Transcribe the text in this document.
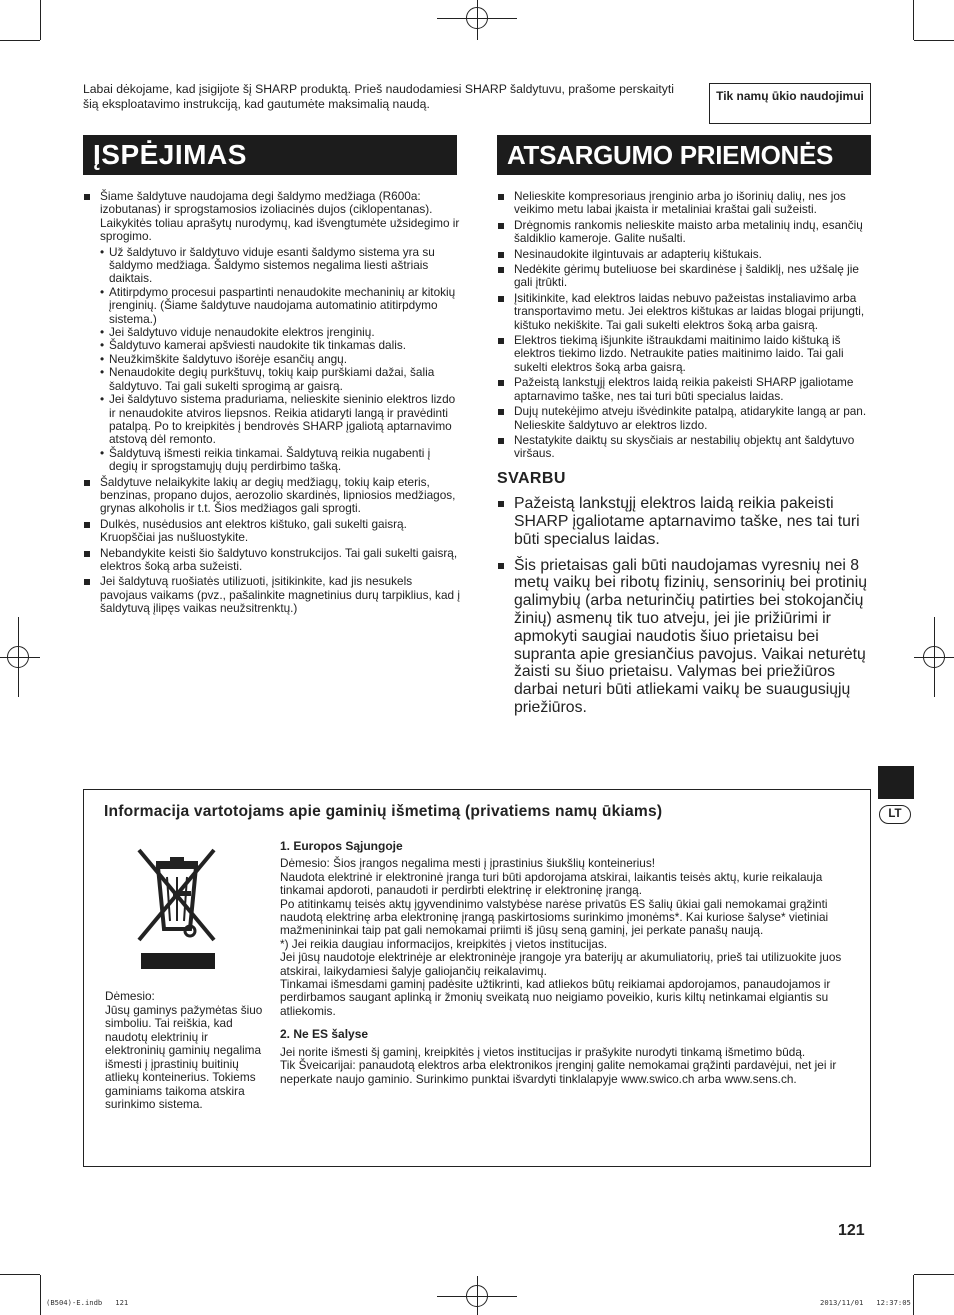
Labai dėkojame, kad įsigijote šį SHARP produktą. Prieš naudodamiesi SHARP šaldytuvu, prašome perskaityti šią eksploatavimo instrukciją, kad gautumėte maksimalią naudą.
Tik namų ūkio naudojimui
ĮSPĖJIMAS	ATSARGUMO PRIEMONĖS
Šiame šaldytuve naudojama degi šaldymo medžiaga (R600a: izobutanas) ir sprogstamosios izoliacinės dujos (ciklopentanas). Laikykitės toliau aprašytų nurodymų, kad išvengtumėte užsidegimo ir sprogimo.
• Už šaldytuvo ir šaldytuvo viduje esanti šaldymo sistema yra su šaldymo medžiaga. Šaldymo sistemos negalima liesti aštriais daiktais.
• Atitirpdymo procesui paspartinti nenaudokite mechaninių ar kitokių įrenginių. (Šiame šaldytuve naudojama automatinio atitirpdymo sistema.)
• Jei šaldytuvo viduje nenaudokite elektros įrenginių.
• Šaldytuvo kamerai apšviesti naudokite tik tinkamas dalis.
• Neužkimškite šaldytuvo išorėje esančių angų.
• Nenaudokite degių purkštuvų, tokių kaip purškiami dažai, šalia šaldytuvo. Tai gali sukelti sprogimą ar gaisrą.
• Jei šaldytuvo sistema praduriama, nelieskite sieninio elektros lizdo ir nenaudokite atviros liepsnos. Reikia atidaryti langą ir pravėdinti patalpą. Po to kreipkitės į bendrovės SHARP įgaliotą aptarnavimo atstovą dėl remonto.
• Šaldytuvą išmesti reikia tinkamai. Šaldytuvą reikia nugabenti į degių ir sprogstamųjų dujų perdirbimo tašką.
Šaldytuve nelaikykite lakių ar degių medžiagų, tokių kaip eteris, benzinas, propano dujos, aerozolio skardinės, lipniosios medžiagos, grynas alkoholis ir t.t. Šios medžiagos gali sprogti.
Dulkės, nusėdusios ant elektros kištuko, gali sukelti gaisrą. Kruopščiai jas nušluostykite.
Nebandykite keisti šio šaldytuvo konstrukcijos. Tai gali sukelti gaisrą, elektros šoką arba sužeisti.
Jei šaldytuvą ruošiatės utilizuoti, įsitikinkite, kad jis nesukels pavojaus vaikams (pvz., pašalinkite magnetinius durų tarpiklius, kad į šaldytuvą įlipęs vaikas neužsitrenktų.)
Nelieskite kompresoriaus įrenginio arba jo išorinių dalių, nes jos veikimo metu labai įkaista ir metaliniai kraštai gali sužeisti.
Drėgnomis rankomis nelieskite maisto arba metalinių indų, esančių šaldiklio kameroje. Galite nušalti.
Nesinaudokite ilgintuvais ar adapterių kištukais.
Nedėkite gėrimų buteliuose bei skardinėse į šaldiklį, nes užšalę jie gali įtrūkti.
Įsitikinkite, kad elektros laidas nebuvo pažeistas instaliavimo arba transportavimo metu. Jei elektros kištukas ar laidas blogai prijungti, kištuko nekiškite. Tai gali sukelti elektros šoką arba gaisrą.
Elektros tiekimą išjunkite ištraukdami maitinimo laido kištuką iš elektros tiekimo lizdo. Netraukite paties maitinimo laido. Tai gali sukelti elektros šoką arba gaisrą.
Pažeistą lankstųjį elektros laidą reikia pakeisti SHARP įgaliotame aptarnavimo taške, nes tai turi būti specialus laidas.
Dujų nutekėjimo atveju išvėdinkite patalpą, atidarykite langą ar pan. Nelieskite šaldytuvo ar elektros lizdo.
Nestatykite daiktų su skysčiais ar nestabilių objektų ant šaldytuvo viršaus.
SVARBU
Pažeistą lankstųjį elektros laidą reikia pakeisti SHARP įgaliotame aptarnavimo taške, nes tai turi būti specialus laidas.
Šis prietaisas gali būti naudojamas vyresnių nei 8 metų vaikų bei ribotų fizinių, sensorinių bei protinių galimybių (arba neturinčių patirties bei stokojančių žinių) asmenų tik tuo atveju, jei jie prižiūrimi ir apmokyti saugiai naudotis šiuo prietaisu bei supranta apie gresiančius pavojus. Vaikai neturėtų žaisti su šiuo prietaisu. Valymas bei priežiūros darbai neturi būti atliekami vaikų be suaugusiųjų priežiūros.
LT
Informacija vartotojams apie gaminių išmetimą (privatiems namų ūkiams)
Dėmesio:
Jūsų gaminys pažymėtas šiuo simboliu. Tai reiškia, kad naudotų elektrinių ir elektroninių gaminių negalima išmesti į įprastinių buitinių atliekų konteinerius. Tokiems gaminiams taikoma atskira surinkimo sistema.
1. Europos Sąjungoje

Dėmesio: Šios įrangos negalima mesti į įprastinius šiukšlių konteinerius!

Naudota elektrinė ir elektroninė įranga turi būti apdorojama atskirai, laikantis teisės aktų, kurie reikalauja tinkamai apdoroti, panaudoti ir perdirbti elektrinę ir elektroninę įrangą.

Po atitinkamų teisės aktų įgyvendinimo valstybėse narėse privatūs ES šalių ūkiai gali nemokamai grąžinti naudotą elektrinę arba elektroninę įrangą paskirtosioms surinkimo įmonėms*. Kai kuriose šalyse* vietiniai mažmenininkai taip pat gali nemokamai priimti iš jūsų seną gaminį, jei perkate panašų naują.

*) Jei reikia daugiau informacijos, kreipkitės į vietos institucijas.

Jei jūsų naudotoje elektrinėje ar elektroninėje įrangoje yra baterijų ar akumuliatorių, prieš tai utilizuokite juos atskirai, laikydamiesi šalyje galiojančių reikalavimų.

Tinkamai išmesdami gaminį padėsite užtikrinti, kad atliekos būtų reikiamai apdorojamos, panaudojamos ir perdirbamos saugant aplinką ir žmonių sveikatą nuo neigiamo poveikio, kuris kiltų netinkamai elgiantis su atliekomis.

2. Ne ES šalyse

Jei norite išmesti šį gaminį, kreipkitės į vietos institucijas ir prašykite nurodyti tinkamą išmetimo būdą.

Tik Šveicarijai: panaudotą elektros arba elektronikos įrenginį galite nemokamai grąžinti pardavėjui, net jei ir neperkate naujo gaminio. Surinkimo punktai išvardyti tinklalapyje www.swico.ch arba www.sens.ch.

121
(B504)-E.indb   121	2013/11/01   12:37:05
